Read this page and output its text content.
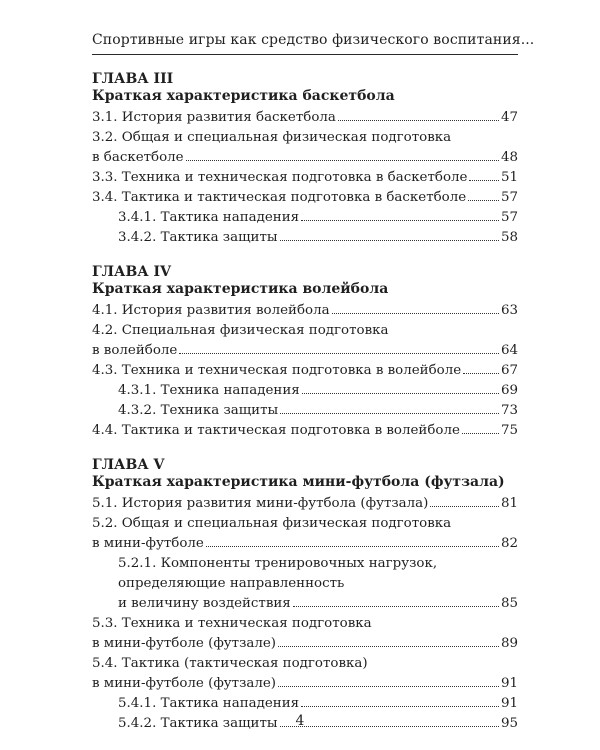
Спортивные игры как средство физического воспитания...
ГЛАВА III
Краткая характеристика баскетбола
3.1. История развития баскетбола	47
3.2. Общая и специальная физическая подготовка
в баскетболе	48
3.3. Техника и техническая подготовка в баскетболе	51
3.4. Тактика и тактическая подготовка в баскетболе	57
3.4.1. Тактика нападения	57
3.4.2. Тактика защиты	58
ГЛАВА IV
Краткая характеристика волейбола
4.1. История развития волейбола	63
4.2. Специальная физическая подготовка
в волейболе	64
4.3. Техника и техническая подготовка в волейболе	67
4.3.1. Техника нападения	69
4.3.2. Техника защиты	73
4.4. Тактика и тактическая подготовка в волейболе	75
ГЛАВА V
Краткая характеристика мини-футбола (футзала)
5.1. История развития мини-футбола (футзала)	81
5.2. Общая и специальная физическая подготовка
в мини-футболе	82
5.2.1. Компоненты тренировочных нагрузок,
определяющие направленность
и величину воздействия	85
5.3. Техника и техническая подготовка
в мини-футболе (футзале)	89
5.4. Тактика (тактическая подготовка)
в мини-футболе (футзале)	91
5.4.1. Тактика нападения	91
5.4.2. Тактика защиты	95
4
